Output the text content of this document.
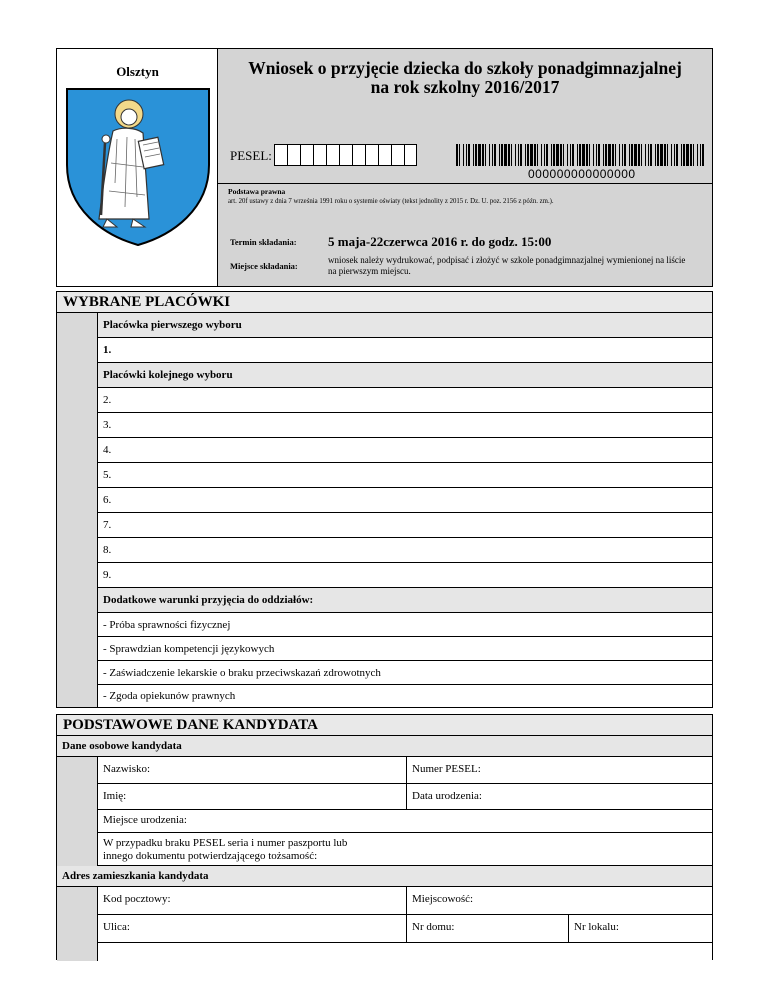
Olsztyn	Wniosek o przyjęcie dziecka do szkoły ponadgimnazjalnej
na rok szkolny 2016/2017
PESEL:
000000000000000
Podstawa prawna
art. 20f ustawy z dnia 7 września 1991 roku o systemie oświaty (tekst jednolity z 2015 r. Dz. U. poz. 2156 z późn. zm.).
Termin składania: 5 maja-22czerwca 2016 r. do godz. 15:00
Miejsce składania:
wniosek należy wydrukować, podpisać i złożyć w szkole ponadgimnazjalnej wymienionej na liście na pierwszym miejscu.
WYBRANE PLACÓWKI
Placówka pierwszego wyboru
1.
Placówki kolejnego wyboru
2.
3.
4.
5.
6.
7.
8.
9.
Dodatkowe warunki przyjęcia do oddziałów:
- Próba sprawności fizycznej
- Sprawdzian kompetencji językowych
- Zaświadczenie lekarskie o braku przeciwskazań zdrowotnych
- Zgoda opiekunów prawnych
PODSTAWOWE DANE KANDYDATA
Dane osobowe kandydata
Nazwisko:	Numer PESEL:
Imię:	Data urodzenia:
Miejsce urodzenia:
W przypadku braku PESEL seria i numer paszportu lub
innego dokumentu potwierdzającego tożsamość:
Adres zamieszkania kandydata
Kod pocztowy:	Miejscowość:
Ulica:	Nr domu:	Nr lokalu:
